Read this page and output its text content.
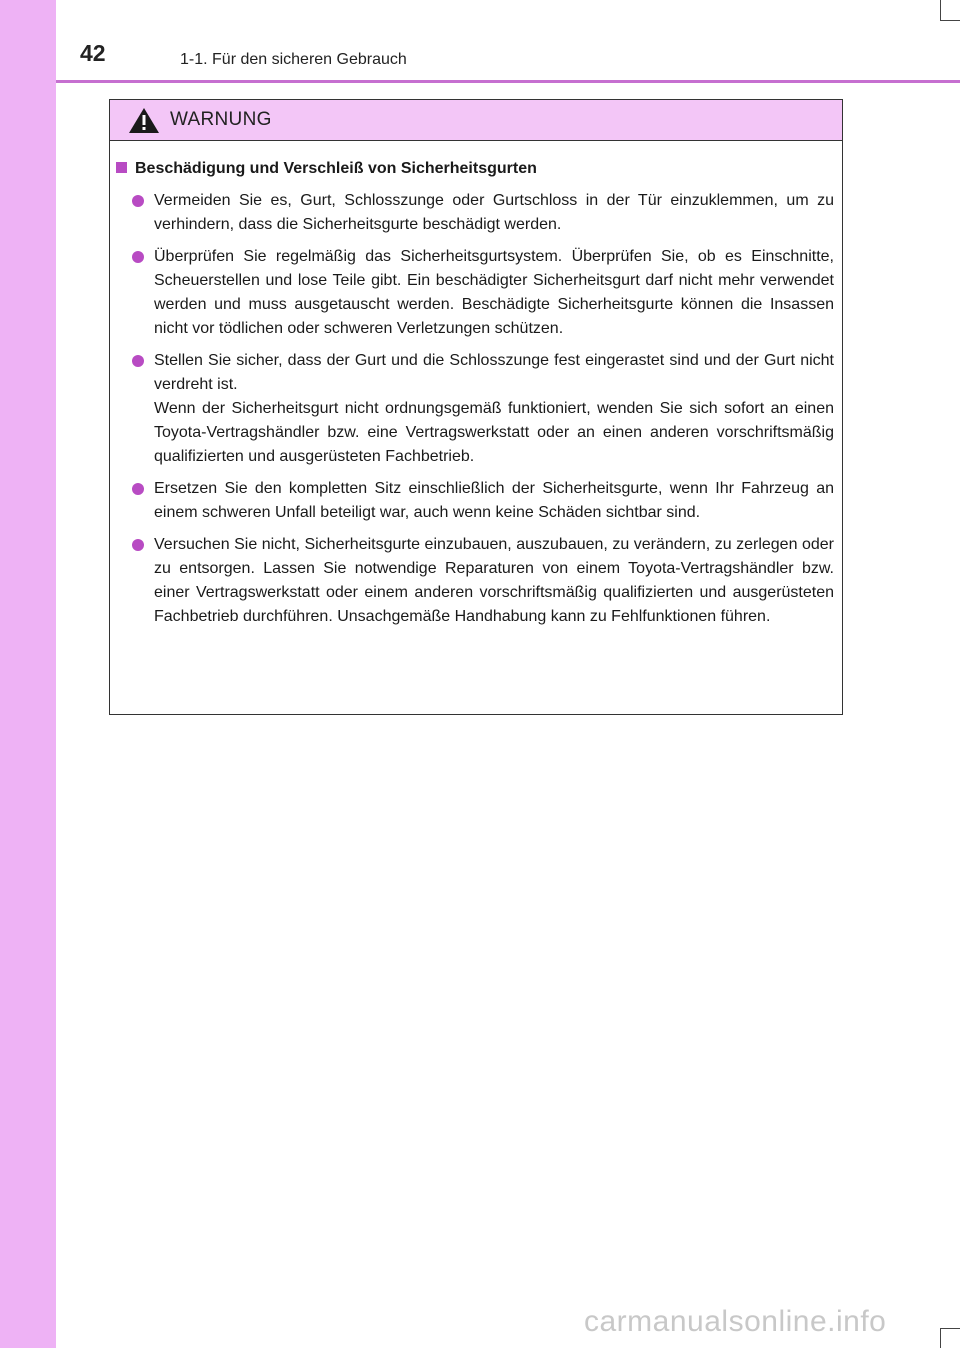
42	1-1. Für den sicheren Gebrauch
WARNUNG
Beschädigung und Verschleiß von Sicherheitsgurten
Vermeiden Sie es, Gurt, Schlosszunge oder Gurtschloss in der Tür einzuklemmen, um zu verhindern, dass die Sicherheitsgurte beschädigt werden.
Überprüfen Sie regelmäßig das Sicherheitsgurtsystem. Überprüfen Sie, ob es Einschnitte, Scheuerstellen und lose Teile gibt. Ein beschädigter Sicherheitsgurt darf nicht mehr verwendet werden und muss ausgetauscht werden. Beschädigte Sicherheitsgurte können die Insassen nicht vor tödlichen oder schweren Verletzungen schützen.
Stellen Sie sicher, dass der Gurt und die Schlosszunge fest eingerastet sind und der Gurt nicht verdreht ist.
Wenn der Sicherheitsgurt nicht ordnungsgemäß funktioniert, wenden Sie sich sofort an einen Toyota-Vertragshändler bzw. eine Vertragswerkstatt oder an einen anderen vorschriftsmäßig qualifizierten und ausgerüsteten Fachbetrieb.
Ersetzen Sie den kompletten Sitz einschließlich der Sicherheitsgurte, wenn Ihr Fahrzeug an einem schweren Unfall beteiligt war, auch wenn keine Schäden sichtbar sind.
Versuchen Sie nicht, Sicherheitsgurte einzubauen, auszubauen, zu verändern, zu zerlegen oder zu entsorgen. Lassen Sie notwendige Reparaturen von einem Toyota-Vertragshändler bzw. einer Vertragswerkstatt oder einem anderen vorschriftsmäßig qualifizierten und ausgerüsteten Fachbetrieb durchführen. Unsachgemäße Handhabung kann zu Fehlfunktionen führen.
carmanualsonline.info
